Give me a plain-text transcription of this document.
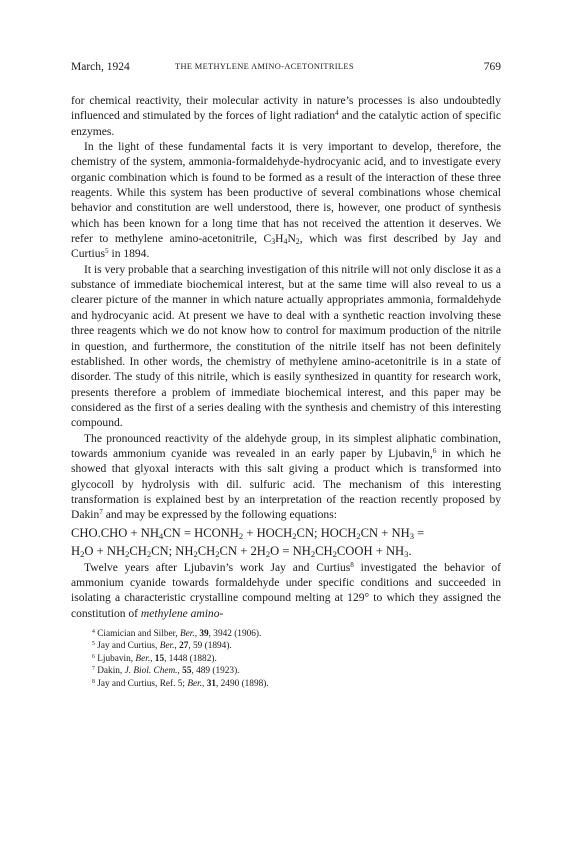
March, 1924	THE METHYLENE AMINO-ACETONITRILES	769

for chemical reactivity, their molecular activity in nature’s processes is also undoubtedly influenced and stimulated by the forces of light radiation$^4$ and the catalytic action of specific enzymes.

In the light of these fundamental facts it is very important to develop, therefore, the chemistry of the system, ammonia-formaldehyde-hydrocyanic acid, and to investigate every organic combination which is found to be formed as a result of the interaction of these three reagents. While this system has been productive of several combinations whose chemical behavior and constitution are well understood, there is, however, one product of synthesis which has been known for a long time that has not received the attention it deserves. We refer to methylene amino-acetonitrile, $C_3H_4N_2$, which was first described by Jay and Curtius$^5$ in 1894.

It is very probable that a searching investigation of this nitrile will not only disclose it as a substance of immediate biochemical interest, but at the same time will also reveal to us a clearer picture of the manner in which nature actually appropriates ammonia, formaldehyde and hydrocyanic acid. At present we have to deal with a synthetic reaction involving these three reagents which we do not know how to control for maximum production of the nitrile in question, and furthermore, the constitution of the nitrile itself has not been definitely established. In other words, the chemistry of methylene amino-acetonitrile is in a state of disorder. The study of this nitrile, which is easily synthesized in quantity for research work, presents therefore a problem of immediate biochemical interest, and this paper may be considered as the first of a series dealing with the synthesis and chemistry of this interesting compound.

The pronounced reactivity of the aldehyde group, in its simplest aliphatic combination, towards ammonium cyanide was revealed in an early paper by Ljubavin,$^6$ in which he showed that glyoxal interacts with this salt giving a product which is transformed into glycocoll by hydrolysis with dil. sulfuric acid. The mechanism of this interesting transformation is explained best by an interpretation of the reaction recently proposed by Dakin$^7$ and may be expressed by the following equations:

$CHO.CHO + NH_4CN$ = $HCONH_2$ + $HOCH_2CN$; $HOCH_2CN + NH_3$ =
$H_2O + NH_2CH_2CN$; $NH_2CH_2CN + 2H_2O$ = $NH_2CH_2COOH + NH_3$.

Twelve years after Ljubavin’s work Jay and Curtius$^8$ investigated the behavior of ammonium cyanide towards formaldehyde under specific conditions and succeeded in isolating a characteristic crystalline compound melting at 129° to which they assigned the constitution of methylene amino-

$^4$ Ciamician and Silber, Ber., 39, 3942 (1906).

$^5$ Jay and Curtius, Ber., 27, 59 (1894).

$^6$ Ljubavin, Ber., 15, 1448 (1882).

$^7$ Dakin, J. Biol. Chem., 55, 489 (1923).

$^8$ Jay and Curtius, Ref. 5; Ber., 31, 2490 (1898).
